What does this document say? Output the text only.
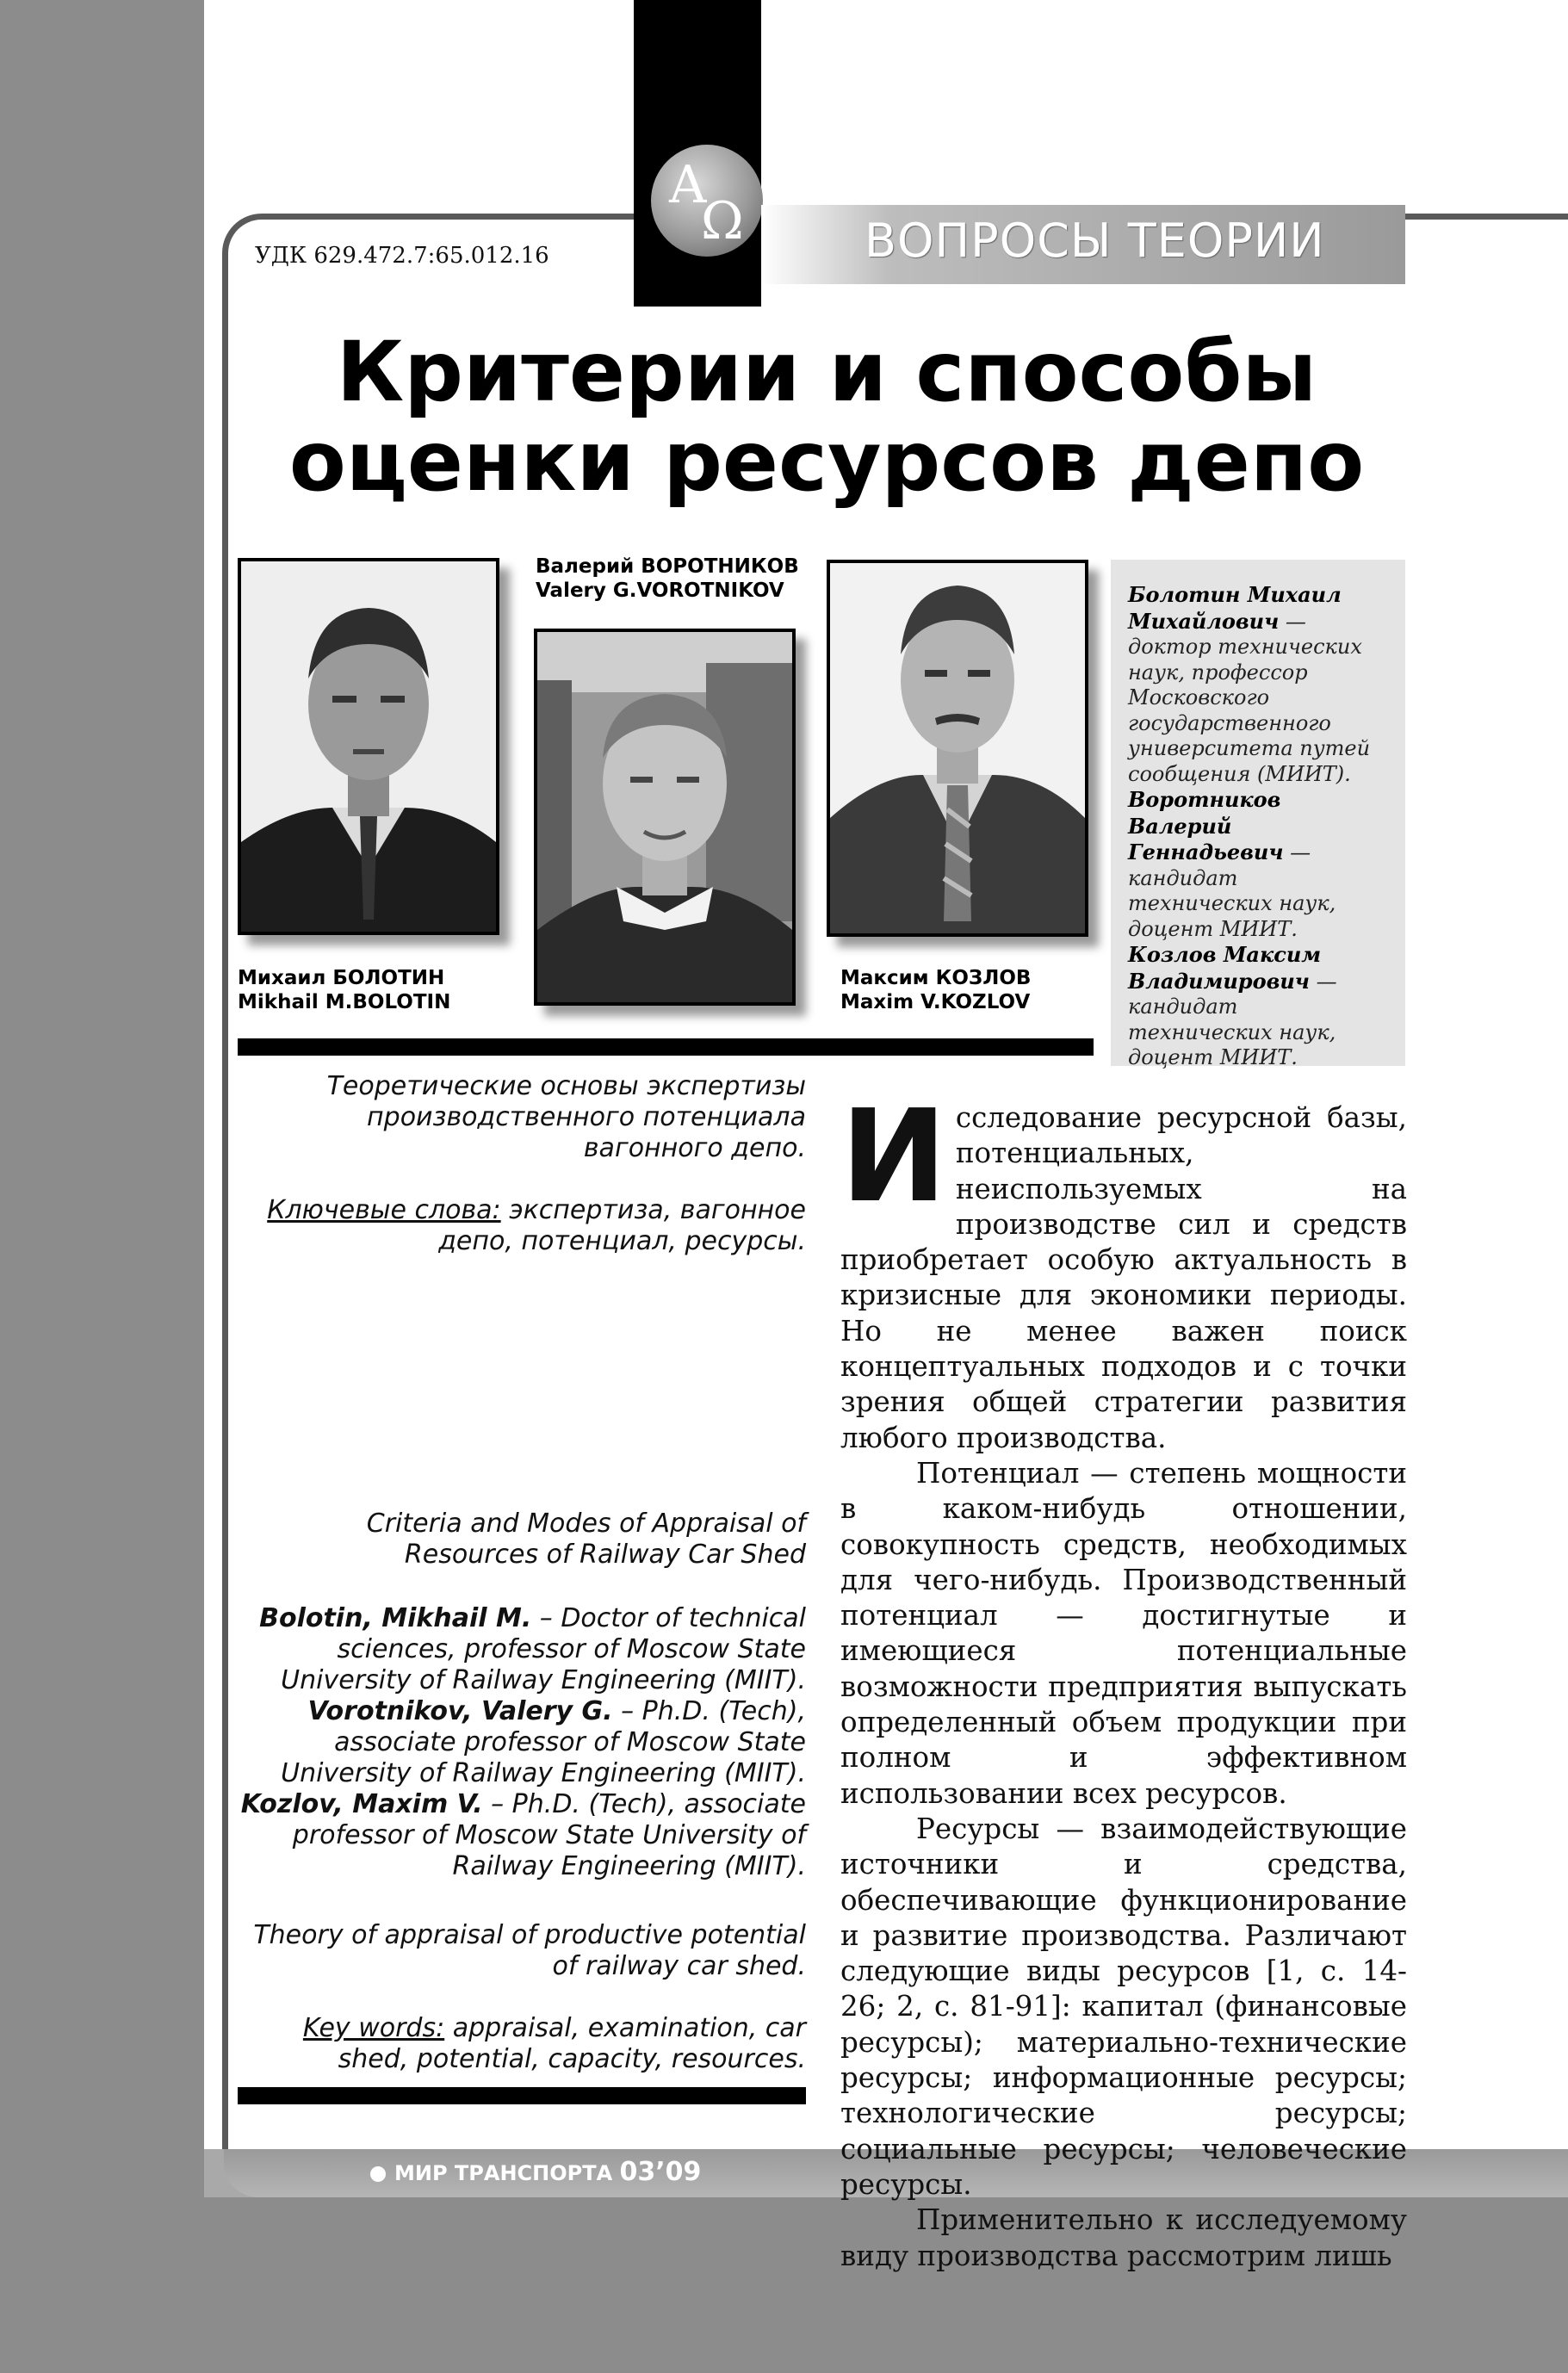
МИР ТРАНСПОРТА 03’09
А
Ω	ВОПРОСЫ ТЕОРИИ
УДК 629.472.7:65.012.16
Критерии и способы
оценки ресурсов депо
Валерий ВОРОТНИКОВ
Valery G.VOROTNIKOV
Михаил БОЛОТИН
Mikhail M.BOLOTIN
Максим КОЗЛОВ
Maxim V.KOZLOV
Болотин Михаил Михайлович — доктор технических наук, профессор Московского государственного университета путей сообщения (МИИТ). Воротников Валерий Геннадьевич — кандидат технических наук, доцент МИИТ. Козлов Максим Владимирович — кандидат технических наук, доцент МИИТ.
Теоретические основы экспертизы производственного потенциала вагонного депо.
Ключевые слова: экспертиза, вагонное депо, потенциал, ресурсы.
Criteria and Modes of Appraisal of Resources of Railway Car Shed
Bolotin, Mikhail M. – Doctor of technical sciences, professor of Moscow State University of Railway Engineering (MIIT). Vorotnikov, Valery G. – Ph.D. (Tech), associate professor of Moscow State University of Railway Engineering (MIIT). Kozlov, Maxim V. – Ph.D. (Tech), associate professor of Moscow State University of Railway Engineering (MIIT).
Theory of appraisal of productive potential of railway car shed.
Key words: appraisal, examination, car shed, potential, capacity, resources.

Исследование ресурсной базы, потенциальных, неиспользуемых на производстве сил и средств приобретает особую актуальность в кризисные для экономики периоды. Но не менее важен поиск концептуальных подходов и с точки зрения общей стратегии развития любого производства.

Потенциал — степень мощности в каком-нибудь отношении, совокупность средств, необходимых для чего-нибудь. Производственный потенциал — достигнутые и имеющиеся потенциальные возможности предприятия выпускать определенный объем продукции при полном и эффективном использовании всех ресурсов.

Ресурсы — взаимодействующие источники и средства, обеспечивающие функционирование и развитие производства. Различают следующие виды ресурсов [1, с. 14-26; 2, с. 81-91]: капитал (финансовые ресурсы); материально-технические ресурсы; информационные ресурсы; технологические ресурсы; социальные ресурсы; человеческие ресурсы.

Применительно к исследуемому виду производства рассмотрим лишь
